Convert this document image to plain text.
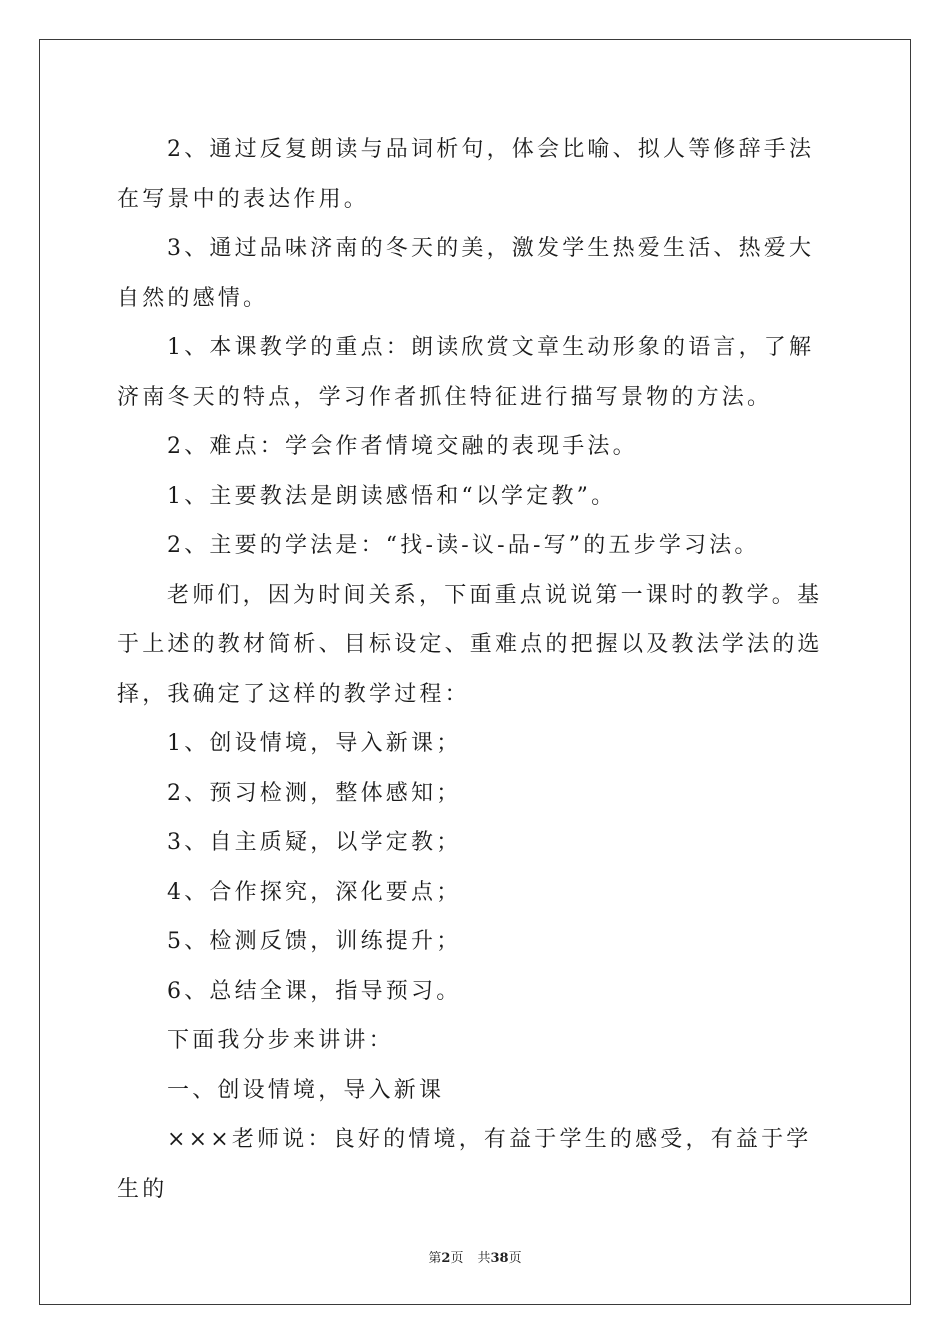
2、通过反复朗读与品词析句，体会比喻、拟人等修辞手法在写景中的表达作用。

3、通过品味济南的冬天的美，激发学生热爱生活、热爱大自然的感情。

1、本课教学的重点：朗读欣赏文章生动形象的语言，了解济南冬天的特点，学习作者抓住特征进行描写景物的方法。

2、难点：学会作者情境交融的表现手法。

1、主要教法是朗读感悟和“以学定教”。

2、主要的学法是：“找-读-议-品-写”的五步学习法。

老师们，因为时间关系，下面重点说说第一课时的教学。基于上述的教材简析、目标设定、重难点的把握以及教法学法的选择，我确定了这样的教学过程：

1、创设情境，导入新课；

2、预习检测，整体感知；

3、自主质疑，以学定教；

4、合作探究，深化要点；

5、检测反馈，训练提升；

6、总结全课，指导预习。

下面我分步来讲讲：

一、创设情境，导入新课

×××老师说：良好的情境，有益于学生的感受，有益于学生的

第2页 共38页
